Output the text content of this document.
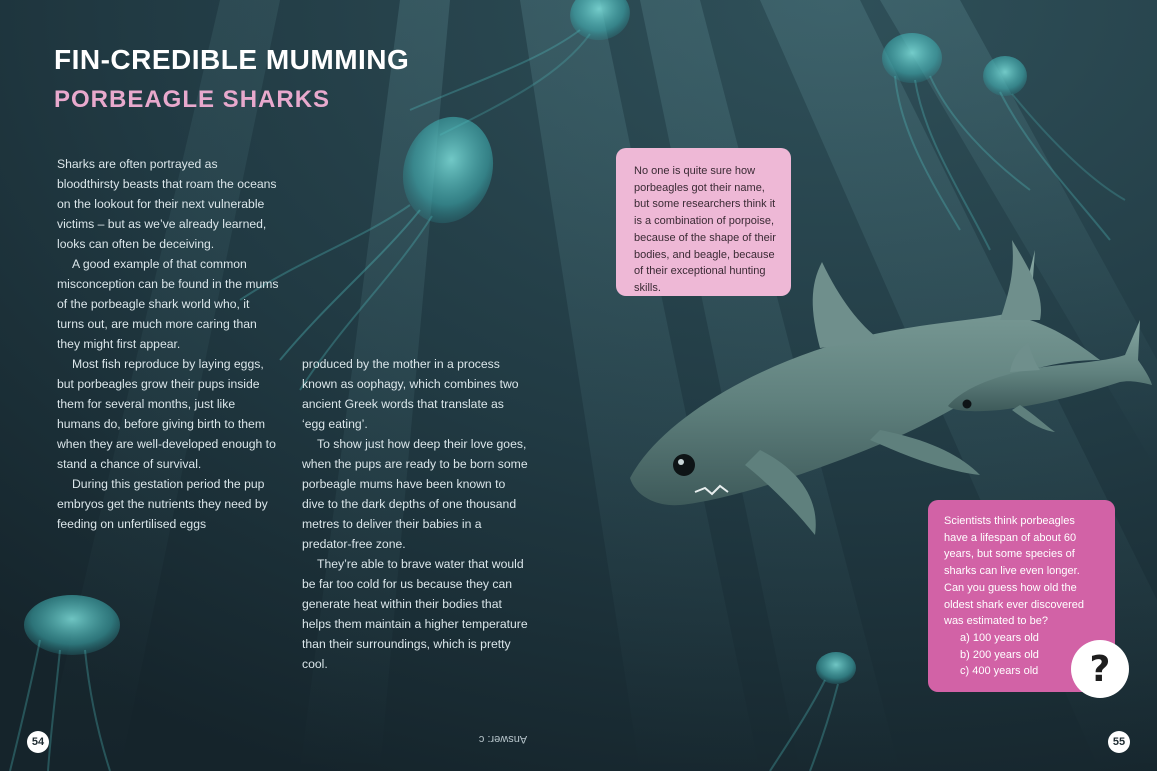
FIN-CREDIBLE MUMMING
PORBEAGLE SHARKS

Sharks are often portrayed as bloodthirsty beasts that roam the oceans on the lookout for their next vulnerable victims – but as we’ve already learned, looks can often be deceiving.

A good example of that common misconception can be found in the mums of the porbeagle shark world who, it turns out, are much more caring than they might first appear.

Most fish reproduce by laying eggs, but porbeagles grow their pups inside them for several months, just like humans do, before giving birth to them when they are well-developed enough to stand a chance of survival.

During this gestation period the pup embryos get the nutrients they need by feeding on unfertilised eggs

produced by the mother in a process known as oophagy, which combines two ancient Greek words that translate as ‘egg eating’.

To show just how deep their love goes, when the pups are ready to be born some porbeagle mums have been known to dive to the dark depths of one thousand metres to deliver their babies in a predator-free zone.

They’re able to brave water that would be far too cold for us because they can generate heat within their bodies that helps them maintain a higher temperature than their surroundings, which is pretty cool.

No one is quite sure how porbeagles got their name, but some researchers think it is a combination of porpoise, because of the shape of their bodies, and beagle, because of their exceptional hunting skills.
Scientists think porbeagles have a lifespan of about 60 years, but some species of sharks can live even longer. Can you guess how old the oldest shark ever discovered was estimated to be?
a) 100 years old
b) 200 years old
c) 400 years old	?
54	Answer: c	55
